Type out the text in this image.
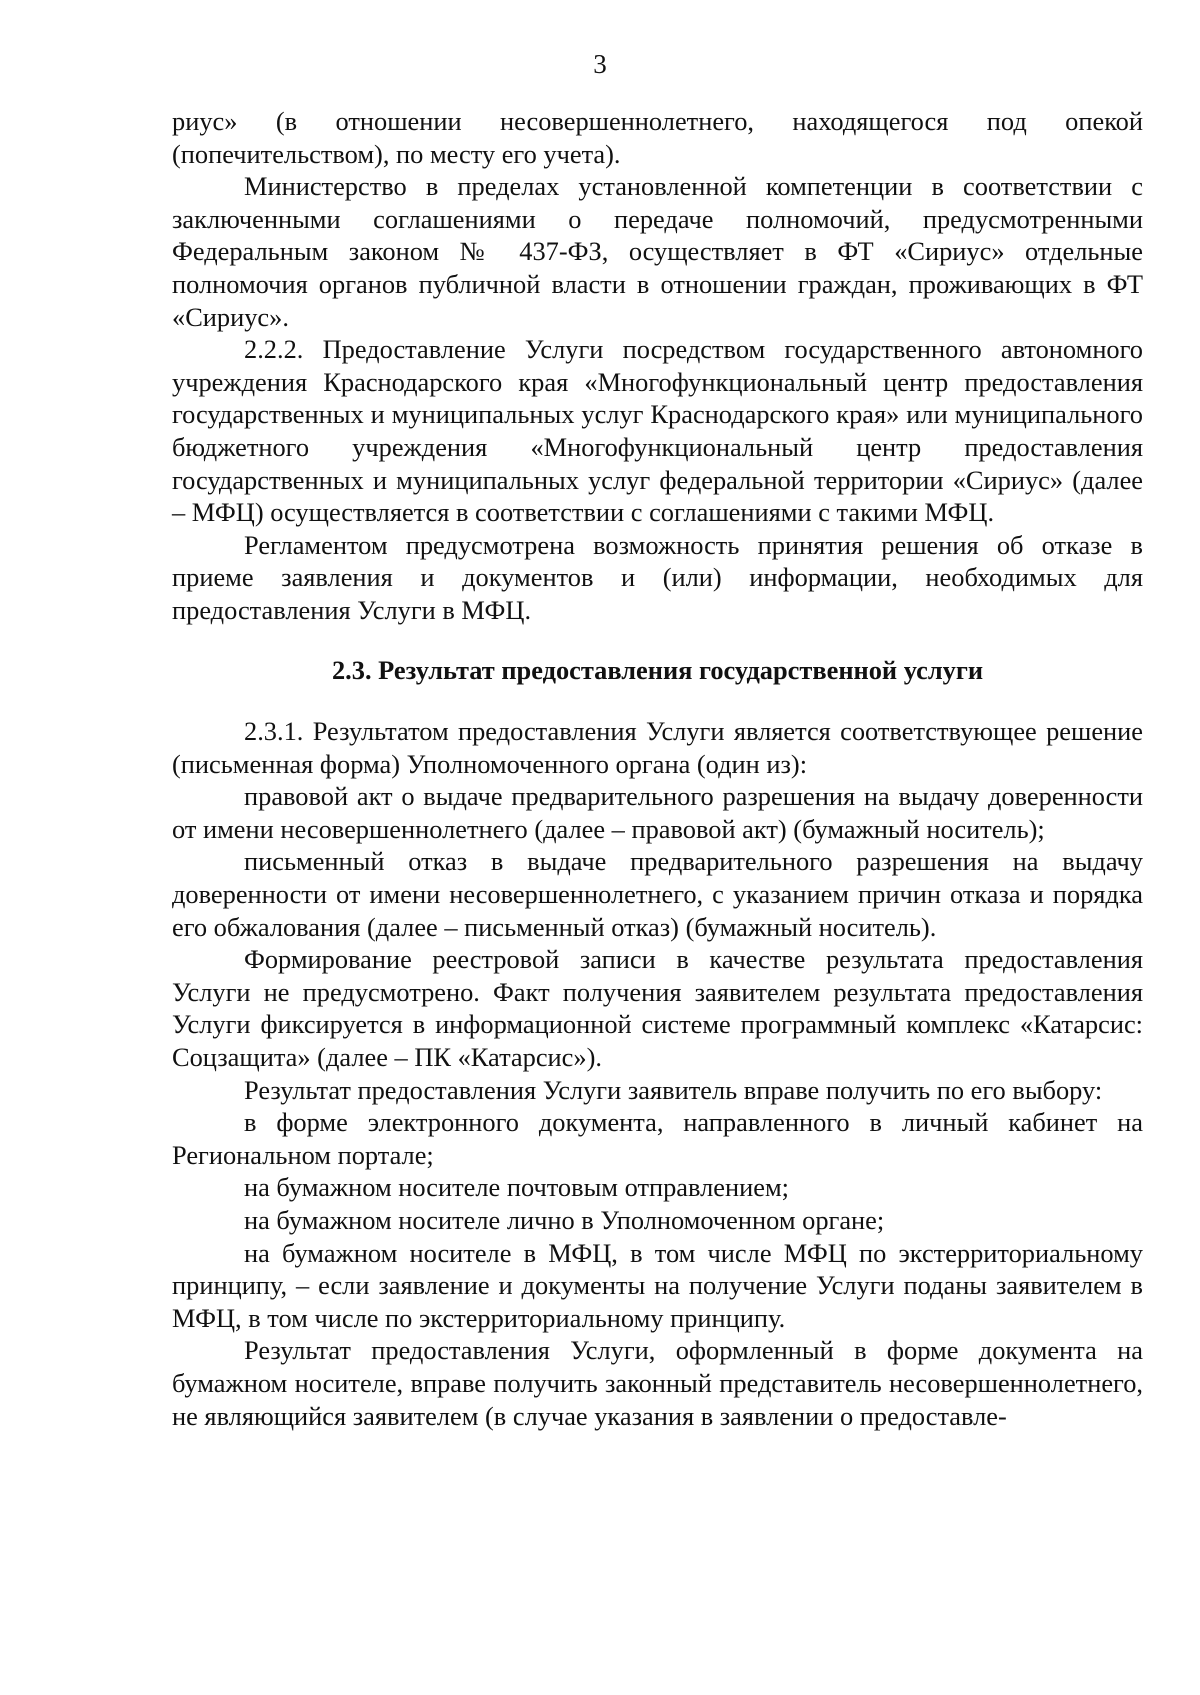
3

риус» (в отношении несовершеннолетнего, находящегося под опекой (попечительством), по месту его учета).

Министерство в пределах установленной компетенции в соответствии с заключенными соглашениями о передаче полномочий, предусмотренными Федеральным законом № 437-ФЗ, осуществляет в ФТ «Сириус» отдельные полномочия органов публичной власти в отношении граждан, проживающих в ФТ «Сириус».

2.2.2. Предоставление Услуги посредством государственного автономного учреждения Краснодарского края «Многофункциональный центр предоставления государственных и муниципальных услуг Краснодарского края» или муниципального бюджетного учреждения «Многофункциональный центр предоставления государственных и муниципальных услуг федеральной территории «Сириус» (далее – МФЦ) осуществляется в соответствии с соглашениями с такими МФЦ.

Регламентом предусмотрена возможность принятия решения об отказе в приеме заявления и документов и (или) информации, необходимых для предоставления Услуги в МФЦ.

2.3. Результат предоставления государственной услуги

2.3.1. Результатом предоставления Услуги является соответствующее решение (письменная форма) Уполномоченного органа (один из):

правовой акт о выдаче предварительного разрешения на выдачу доверенности от имени несовершеннолетнего (далее – правовой акт) (бумажный носитель);

письменный отказ в выдаче предварительного разрешения на выдачу доверенности от имени несовершеннолетнего, с указанием причин отказа и порядка его обжалования (далее – письменный отказ) (бумажный носитель).

Формирование реестровой записи в качестве результата предоставления Услуги не предусмотрено. Факт получения заявителем результата предоставления Услуги фиксируется в информационной системе программный комплекс «Катарсис: Соцзащита» (далее – ПК «Катарсис»).

Результат предоставления Услуги заявитель вправе получить по его выбору:

в форме электронного документа, направленного в личный кабинет на Региональном портале;

на бумажном носителе почтовым отправлением;

на бумажном носителе лично в Уполномоченном органе;

на бумажном носителе в МФЦ, в том числе МФЦ по экстерриториальному принципу, – если заявление и документы на получение Услуги поданы заявителем в МФЦ, в том числе по экстерриториальному принципу.

Результат предоставления Услуги, оформленный в форме документа на бумажном носителе, вправе получить законный представитель несовершеннолетнего, не являющийся заявителем (в случае указания в заявлении о предоставле-
